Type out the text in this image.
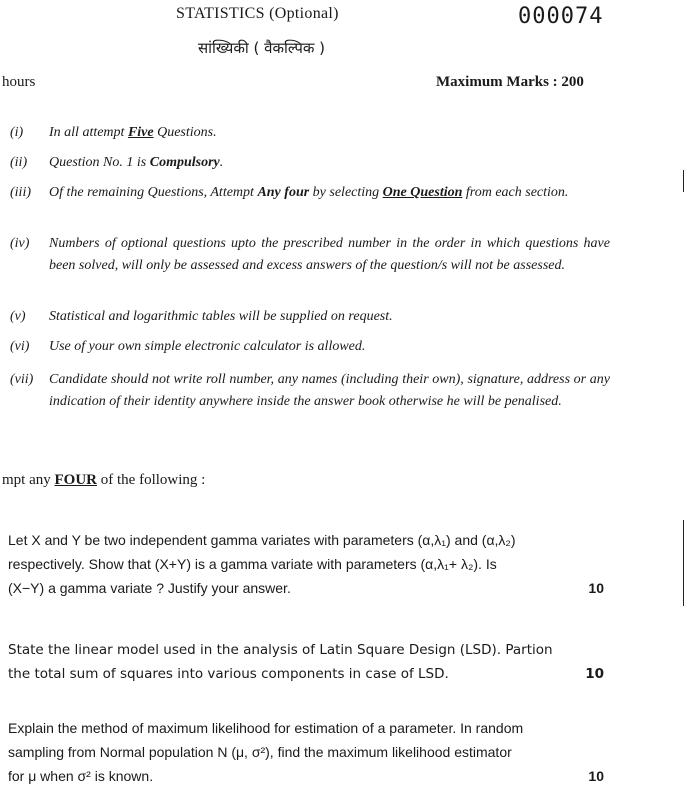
STATISTICS (Optional)	000074
सांख्यिकी ( वैकल्पिक )
hours	Maximum Marks : 200
(i)	In all attempt Five Questions.
(ii)	Question No. 1 is Compulsory.
(iii)	Of the remaining Questions, Attempt Any four by selecting One Question from each section.
(iv)	Numbers of optional questions upto the prescribed number in the order in which questions have been solved, will only be assessed and excess answers of the question/s will not be assessed.
(v)	Statistical and logarithmic tables will be supplied on request.
(vi)	Use of your own simple electronic calculator is allowed.
(vii)	Candidate should not write roll number, any names (including their own), signature, address or any indication of their identity anywhere inside the answer book otherwise he will be penalised.
mpt any FOUR of the following :
Let X and Y be two independent gamma variates with parameters (α,λ₁) and (α,λ₂)
respectively. Show that (X+Y) is a gamma variate with parameters (α,λ₁+ λ₂). Is
(X−Y) a gamma variate ? Justify your answer.	10
State the linear model used in the analysis of Latin Square Design (LSD). Partion
the total sum of squares into various components in case of LSD.	10
Explain the method of maximum likelihood for estimation of a parameter. In random
sampling from Normal population N (μ, σ²), find the maximum likelihood estimator
for μ when σ² is known.	10
